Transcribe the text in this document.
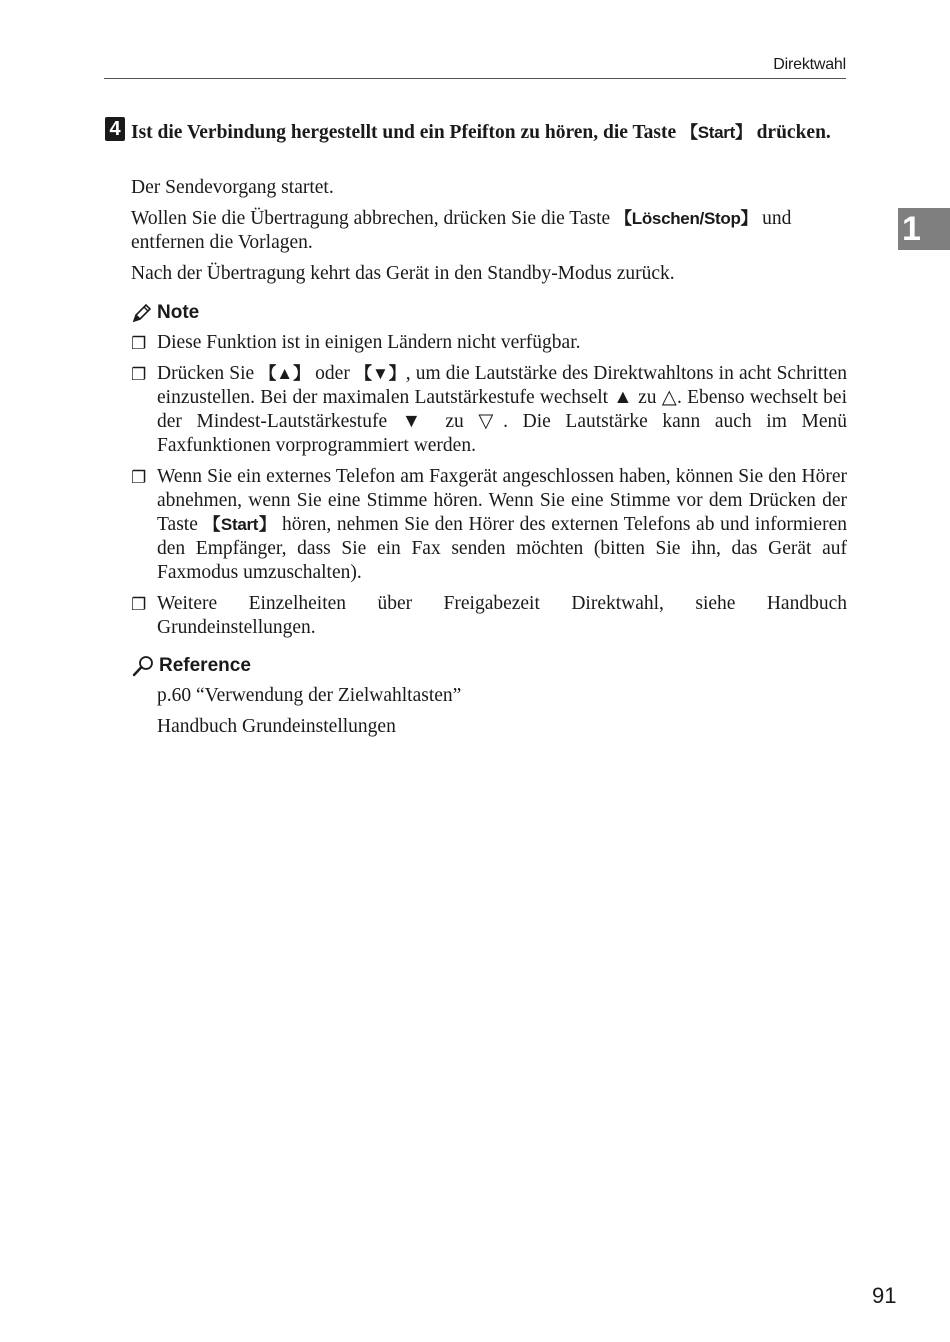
Direktwahl
1
4 Ist die Verbindung hergestellt und ein Pfeifton zu hören, die Taste 【Start】 drücken.

Der Sendevorgang startet.

Wollen Sie die Übertragung abbrechen, drücken Sie die Taste 【Löschen/Stop】 und entfernen die Vorlagen.

Nach der Übertragung kehrt das Gerät in den Standby-Modus zurück.

Note
❐ Diese Funktion ist in einigen Ländern nicht verfügbar.
❐ Drücken Sie 【▲】 oder 【▼】, um die Lautstärke des Direktwahltons in acht Schritten einzustellen. Bei der maximalen Lautstärkestufe wechselt ▲ zu △. Ebenso wechselt bei der Mindest-Lautstärkestufe ▼ zu ▽. Die Lautstärke kann auch im Menü Faxfunktionen vorprogrammiert werden.
❐ Wenn Sie ein externes Telefon am Faxgerät angeschlossen haben, können Sie den Hörer abnehmen, wenn Sie eine Stimme hören. Wenn Sie eine Stimme vor dem Drücken der Taste 【Start】 hören, nehmen Sie den Hörer des externen Telefons ab und informieren den Empfänger, dass Sie ein Fax senden möchten (bitten Sie ihn, das Gerät auf Faxmodus umzuschalten).
❐ Weitere Einzelheiten über Freigabezeit Direktwahl, siehe Handbuch Grundeinstellungen.
Reference
p.60 “Verwendung der Zielwahltasten”
Handbuch Grundeinstellungen
91
